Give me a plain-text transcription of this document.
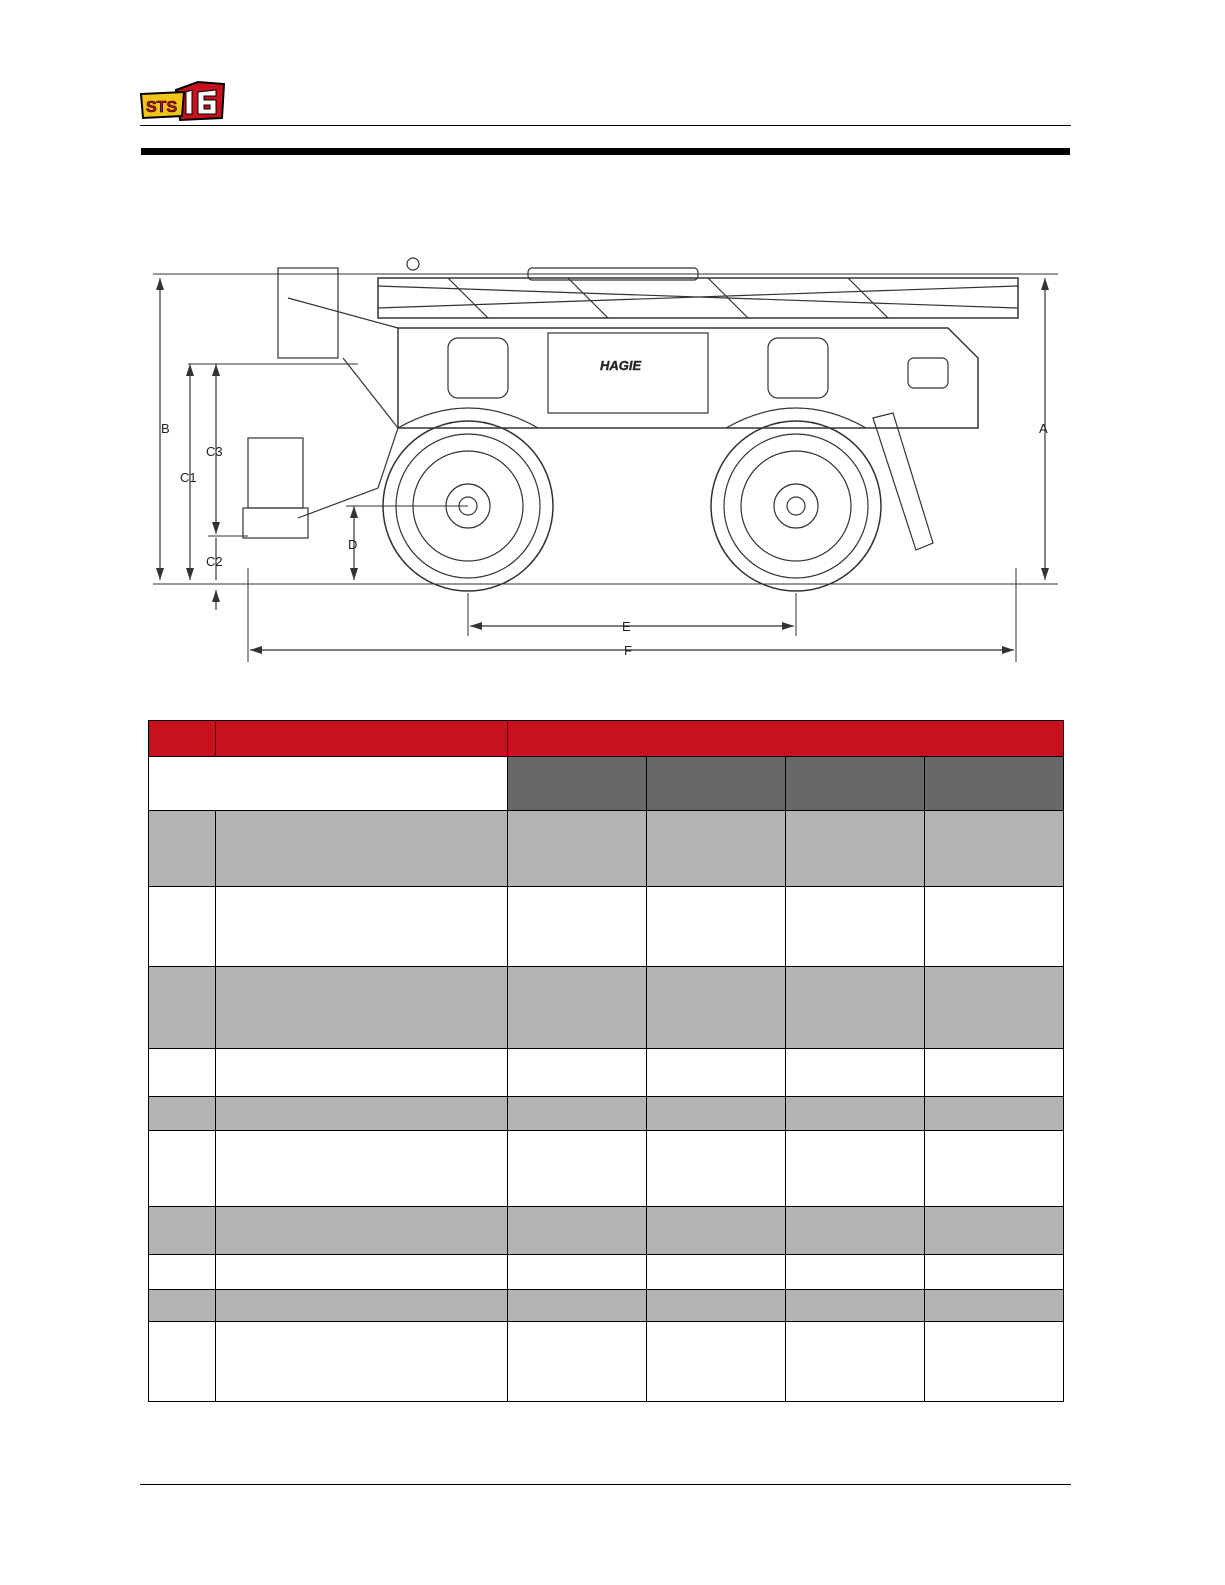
STS
HAGIE
A
B
C1
C2
C3
D
E
F
